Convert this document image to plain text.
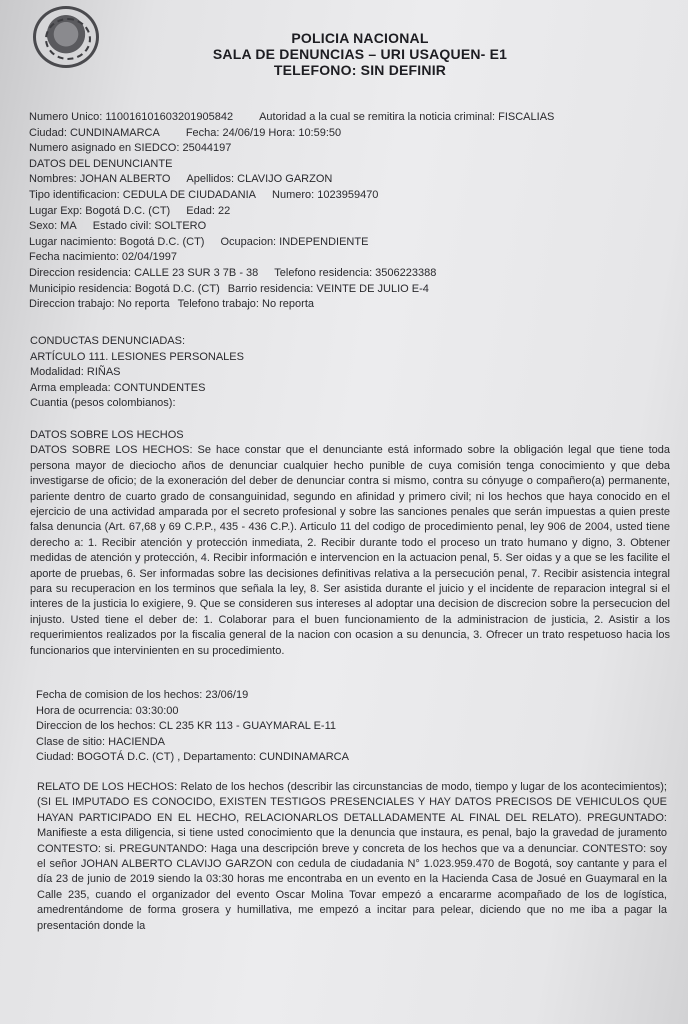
POLICIA NACIONAL
SALA DE DENUNCIAS – URI USAQUEN- E1
TELEFONO: SIN DEFINIR
Numero Unico: 110016101603201905842 Autoridad a la cual se remitira la noticia criminal: FISCALIAS
Ciudad: CUNDINAMARCA Fecha: 24/06/19 Hora: 10:59:50
Numero asignado en SIEDCO: 25044197
DATOS DEL DENUNCIANTE
Nombres: JOHAN ALBERTO Apellidos: CLAVIJO GARZON
Tipo identificacion: CEDULA DE CIUDADANIA Numero: 1023959470
Lugar Exp: Bogotá D.C. (CT) Edad: 22
Sexo: MA Estado civil: SOLTERO
Lugar nacimiento: Bogotá D.C. (CT) Ocupacion: INDEPENDIENTE
Fecha nacimiento: 02/04/1997
Direccion residencia: CALLE 23 SUR 3 7B - 38 Telefono residencia: 3506223388
Municipio residencia: Bogotá D.C. (CT) Barrio residencia: VEINTE DE JULIO E-4
Direccion trabajo: No reporta Telefono trabajo: No reporta
CONDUCTAS DENUNCIADAS:
ARTÍCULO 111. LESIONES PERSONALES
Modalidad: RIÑAS
Arma empleada: CONTUNDENTES
Cuantia (pesos colombianos):
DATOS SOBRE LOS HECHOS
DATOS SOBRE LOS HECHOS: Se hace constar que el denunciante está informado sobre la obligación legal que tiene toda persona mayor de dieciocho años de denunciar cualquier hecho punible de cuya comisión tenga conocimiento y que deba investigarse de oficio; de la exoneración del deber de denunciar contra si mismo, contra su cónyuge o compañero(a) permanente, pariente dentro de cuarto grado de consanguinidad, segundo en afinidad y primero civil; ni los hechos que haya conocido en el ejercicio de una actividad amparada por el secreto profesional y sobre las sanciones penales que serán impuestas a quien preste falsa denuncia (Art. 67,68 y 69 C.P.P., 435 - 436 C.P.). Articulo 11 del codigo de procedimiento penal, ley 906 de 2004, usted tiene derecho a: 1. Recibir atención y protección inmediata, 2. Recibir durante todo el proceso un trato humano y digno, 3. Obtener medidas de atención y protección, 4. Recibir información e intervencion en la actuacion penal, 5. Ser oidas y a que se les facilite el aporte de pruebas, 6. Ser informadas sobre las decisiones definitivas relativa a la persecución penal, 7. Recibir asistencia integral para su recuperacion en los terminos que señala la ley, 8. Ser asistida durante el juicio y el incidente de reparacion integral si el interes de la justicia lo exigiere, 9. Que se consideren sus intereses al adoptar una decision de discrecion sobre la persecucion del injusto. Usted tiene el deber de: 1. Colaborar para el buen funcionamiento de la administracion de justicia, 2. Asistir a los requerimientos realizados por la fiscalia general de la nacion con ocasion a su denuncia, 3. Ofrecer un trato respetuoso hacia los funcionarios que intervinienten en su procedimiento.
Fecha de comision de los hechos: 23/06/19
Hora de ocurrencia: 03:30:00
Direccion de los hechos: CL 235 KR 113 - GUAYMARAL E-11
Clase de sitio: HACIENDA
Ciudad: BOGOTÁ D.C. (CT) , Departamento: CUNDINAMARCA
RELATO DE LOS HECHOS: Relato de los hechos (describir las circunstancias de modo, tiempo y lugar de los acontecimientos); (SI EL IMPUTADO ES CONOCIDO, EXISTEN TESTIGOS PRESENCIALES Y HAY DATOS PRECISOS DE VEHICULOS QUE HAYAN PARTICIPADO EN EL HECHO, RELACIONARLOS DETALLADAMENTE AL FINAL DEL RELATO). PREGUNTADO: Manifieste a esta diligencia, si tiene usted conocimiento que la denuncia que instaura, es penal, bajo la gravedad de juramento CONTESTO: si. PREGUNTANDO: Haga una descripción breve y concreta de los hechos que va a denunciar. CONTESTO: soy el señor JOHAN ALBERTO CLAVIJO GARZON con cedula de ciudadania N° 1.023.959.470 de Bogotá, soy cantante y para el día 23 de junio de 2019 siendo la 03:30 horas me encontraba en un evento en la Hacienda Casa de Josué en Guaymaral en la Calle 235, cuando el organizador del evento Oscar Molina Tovar empezó a encararme acompañado de los de logística, amedrentándome de forma grosera y humillativa, me empezó a incitar para pelear, diciendo que no me iba a pagar la presentación donde la
